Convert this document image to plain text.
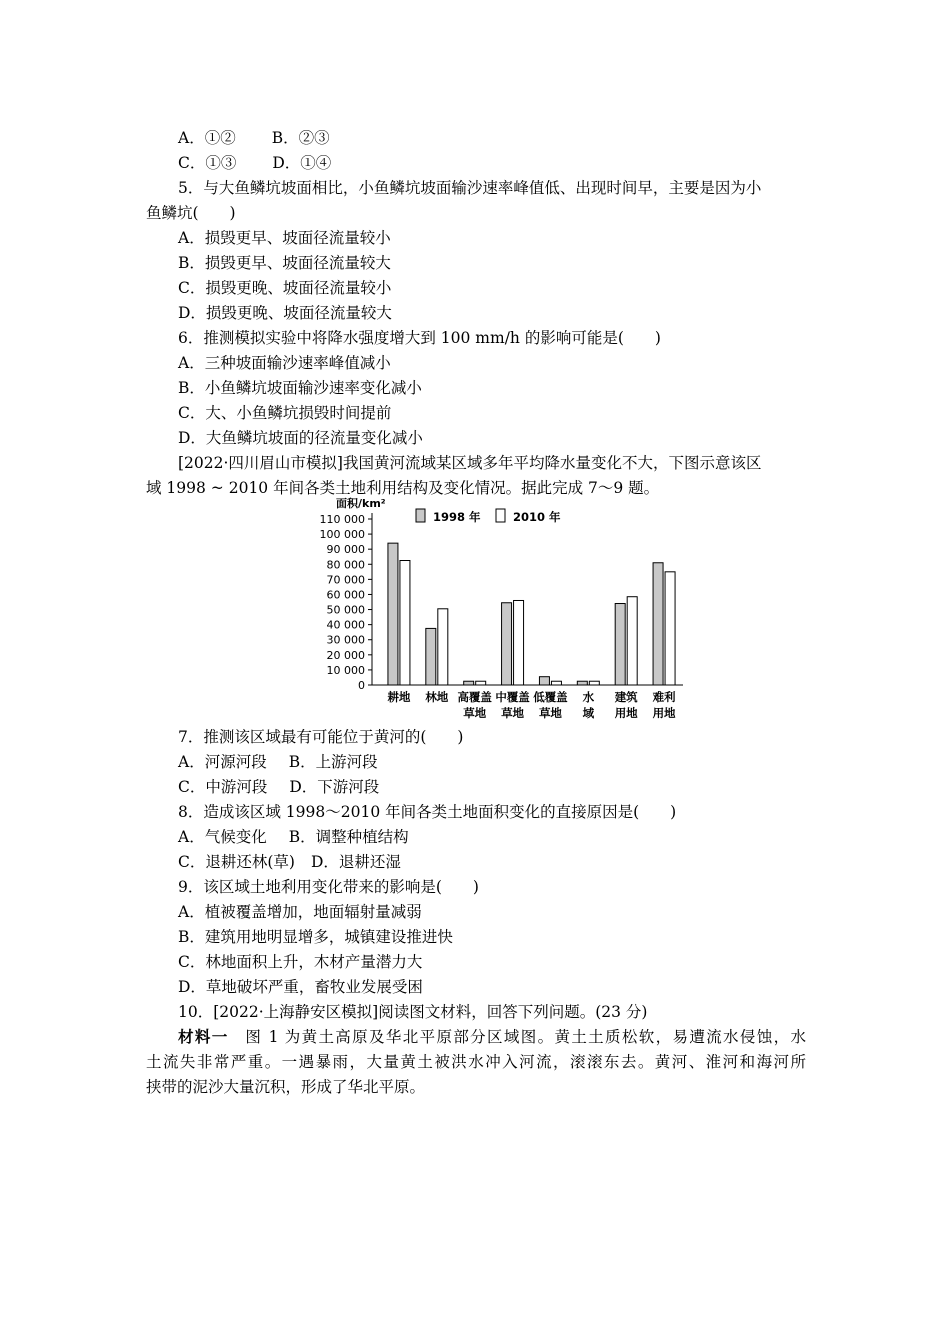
A．①② B．②③
C．①③ D．①④
5．与大鱼鳞坑坡面相比，小鱼鳞坑坡面输沙速率峰值低、出现时间早，主要是因为小
鱼鳞坑(　　)
A．损毁更早、坡面径流量较小
B．损毁更早、坡面径流量较大
C．损毁更晚、坡面径流量较小
D．损毁更晚、坡面径流量较大
6．推测模拟实验中将降水强度增大到 100 mm/h 的影响可能是(　　)
A．三种坡面输沙速率峰值减小
B．小鱼鳞坑坡面输沙速率变化减小
C．大、小鱼鳞坑损毁时间提前
D．大鱼鳞坑坡面的径流量变化减小
[2022·四川眉山市模拟]我国黄河流域某区域多年平均降水量变化不大，下图示意该区
域 1998 ~ 2010 年间各类土地利用结构及变化情况。据此完成 7～9 题。
0
10 000
20 000
30 000
40 000
50 000
60 000
70 000
80 000
90 000
100 000
110 000
面积/km²
耕地 林地 高覆盖
草地
中覆盖
草地
低覆盖
草地
水
域
建筑
用地
难利
用地
1998 年	2010 年
7．推测该区域最有可能位于黄河的(　　)
A．河源河段 B．上游河段
C．中游河段 D．下游河段
8．造成该区域 1998～2010 年间各类土地面积变化的直接原因是(　　)
A．气候变化 B．调整种植结构
C．退耕还林(草) D．退耕还湿
9．该区域土地利用变化带来的影响是(　　)
A．植被覆盖增加，地面辐射量减弱
B．建筑用地明显增多，城镇建设推进快
C．林地面积上升，木材产量潜力大
D．草地破坏严重，畜牧业发展受困
10．[2022·上海静安区模拟]阅读图文材料，回答下列问题。(23 分)
材料一　图 1 为黄土高原及华北平原部分区域图。黄土土质松软，易遭流水侵蚀，水
土流失非常严重。一遇暴雨，大量黄土被洪水冲入河流，滚滚东去。黄河、淮河和海河所
挟带的泥沙大量沉积，形成了华北平原。
